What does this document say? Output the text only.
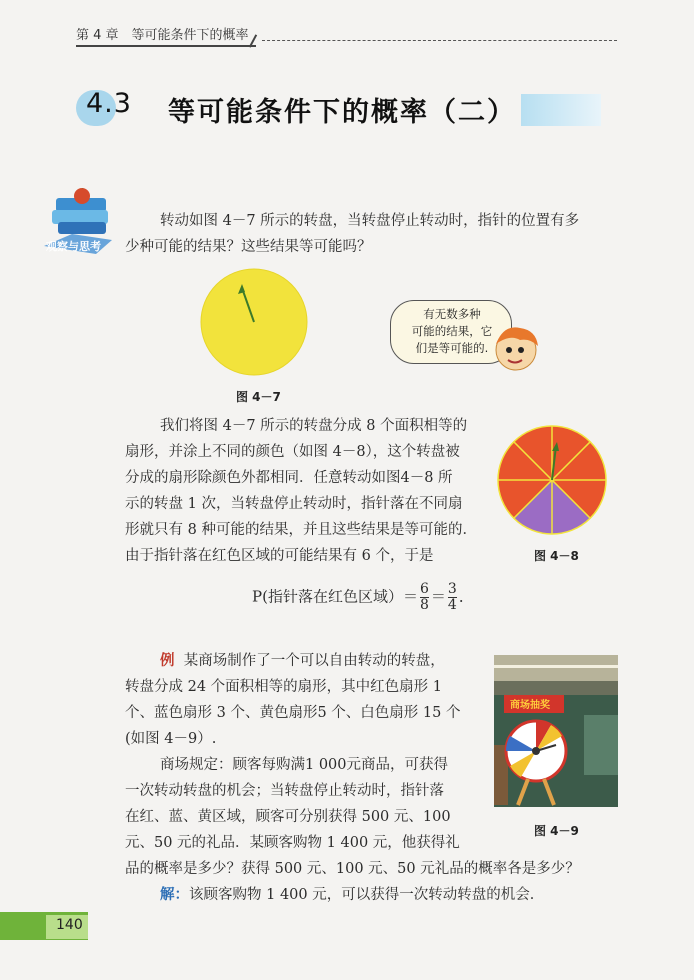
第 4 章　等可能条件下的概率
4.3 等可能条件下的概率（二）
观察与思考
转动如图 4－7 所示的转盘，当转盘停止转动时，指针的位置有多
少种可能的结果？这些结果等可能吗？
图 4－7
有无数多种
可能的结果，它
们是等可能的.
我们将图 4－7 所示的转盘分成 8 个面积相等的
扇形，并涂上不同的颜色（如图 4－8），这个转盘被
分成的扇形除颜色外都相同．任意转动如图4－8 所
示的转盘 1 次，当转盘停止转动时，指针落在不同扇
形就只有 8 种可能的结果，并且这些结果是等可能的．
由于指针落在红色区域的可能结果有 6 个，于是	图 4－8
P(指针落在红色区域）＝ $\frac{6}{8} = \frac{3}{4}$ ．
例 某商场制作了一个可以自由转动的转盘，
转盘分成 24 个面积相等的扇形，其中红色扇形 1
个、蓝色扇形 3 个、黄色扇形5 个、白色扇形 15 个
(如图 4－9）.
商场规定：顾客每购满1 000元商品，可获得
一次转动转盘的机会；当转盘停止转动时，指针落
在红、蓝、黄区域，顾客可分别获得 500 元、100
元、50 元的礼品．某顾客购物 1 400 元，他获得礼
品的概率是多少？获得 500 元、100 元、50 元礼品的概率各是多少？
商场抽奖
图 4－9
解：该顾客购物 1 400 元，可以获得一次转动转盘的机会．
140
